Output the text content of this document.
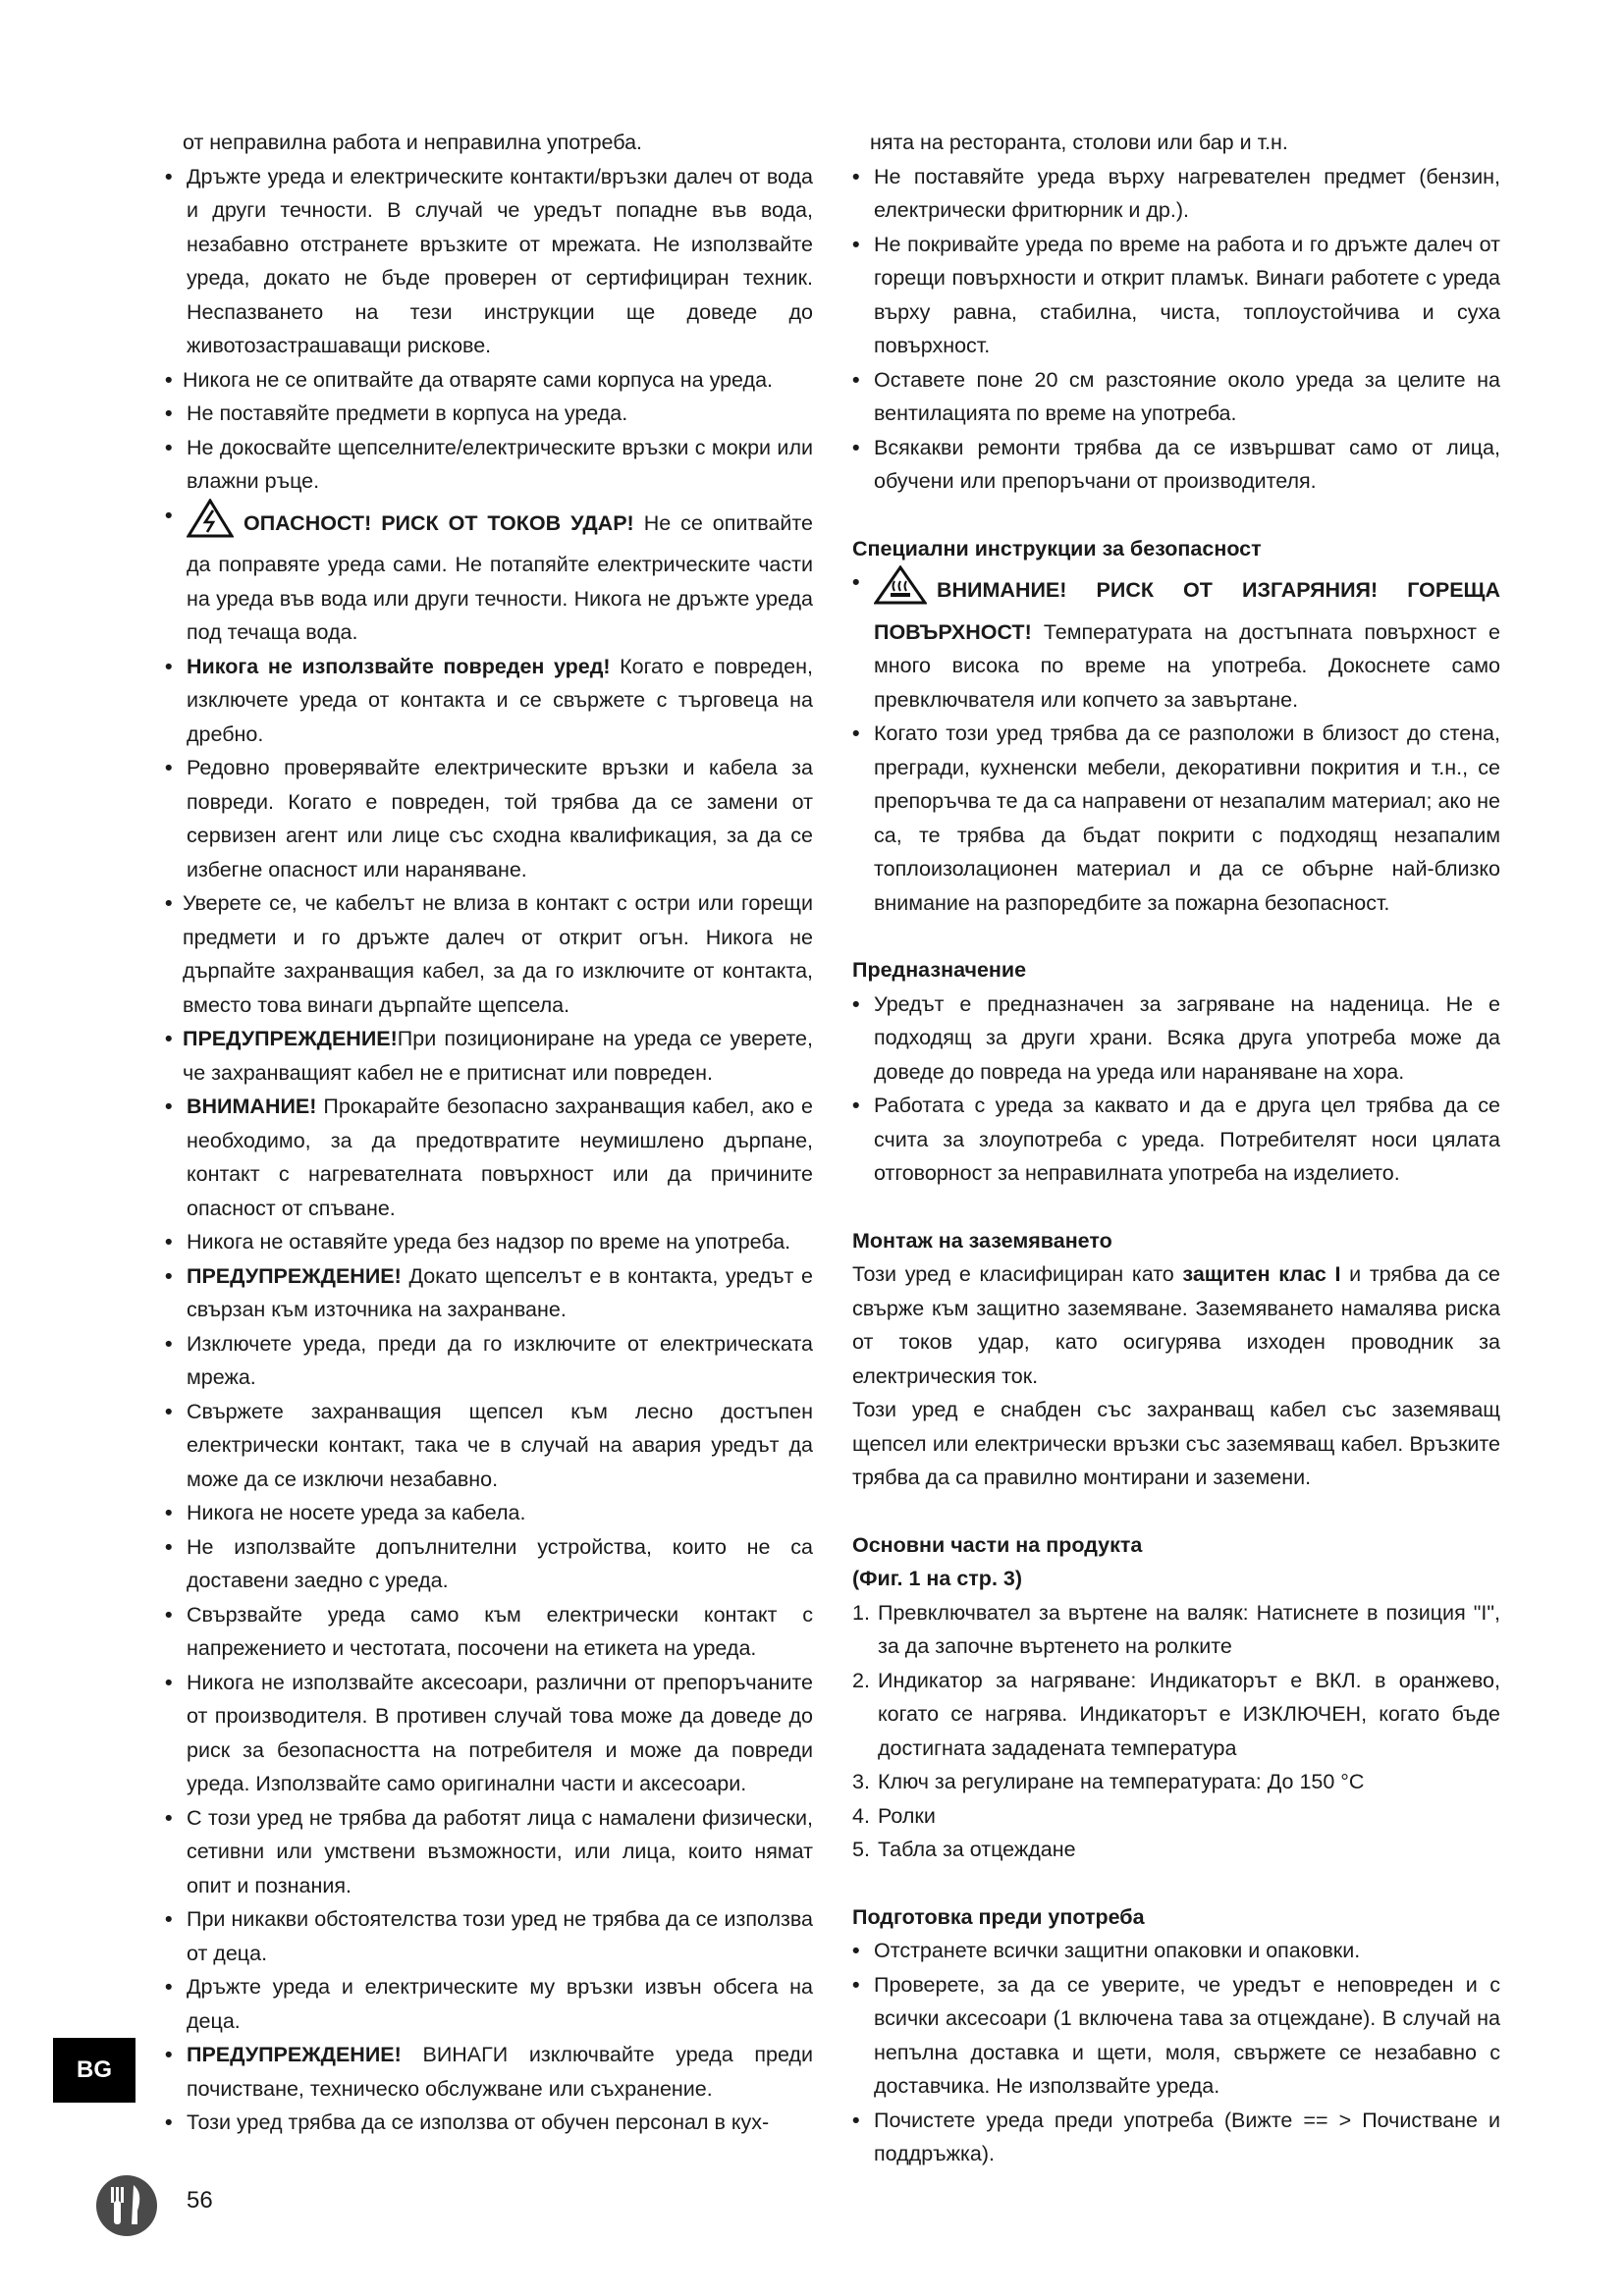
от неправилна работа и неправилна употреба.

• Дръжте уреда и електрическите контакти/връзки далеч от вода и други течности. В случай че уредът попадне във вода, незабавно отстранете връзките от мрежата. Не използвайте уреда, докато не бъде проверен от сертифициран техник. Неспазването на тези инструкции ще доведе до животозастрашаващи рискове.

• Никога не се опитвайте да отваряте сами корпуса на уреда.

• Не поставяйте предмети в корпуса на уреда.

• Не докосвайте щепселните/електрическите връзки с мокри или влажни ръце.

• ОПАСНОСТ! РИСК ОТ ТОКОВ УДАР! Не се опитвайте да поправяте уреда сами. Не потапяйте електрическите части на уреда във вода или други течности. Никога не дръжте уреда под течаща вода.

• Никога не използвайте повреден уред! Когато е повреден, изключете уреда от контакта и се свържете с търговеца на дребно.

• Редовно проверявайте електрическите връзки и кабела за повреди. Когато е повреден, той трябва да се замени от сервизен агент или лице със сходна квалификация, за да се избегне опасност или нараняване.

• Уверете се, че кабелът не влиза в контакт с остри или горещи предмети и го дръжте далеч от открит огън. Никога не дърпайте захранващия кабел, за да го изключите от контакта, вместо това винаги дърпайте щепсела.

• ПРЕДУПРЕЖДЕНИЕ!При позициониране на уреда се уверете, че захранващият кабел не е притиснат или повреден.

• ВНИМАНИЕ! Прокарайте безопасно захранващия кабел, ако е необходимо, за да предотвратите неумишлено дърпане, контакт с нагревателната повърхност или да причините опасност от спъване.

• Никога не оставяйте уреда без надзор по време на употреба.

• ПРЕДУПРЕЖДЕНИЕ! Докато щепселът е в контакта, уредът е свързан към източника на захранване.

• Изключете уреда, преди да го изключите от електрическата мрежа.

• Свържете захранващия щепсел към лесно достъпен електрически контакт, така че в случай на авария уредът да може да се изключи незабавно.

• Никога не носете уреда за кабела.

• Не използвайте допълнителни устройства, които не са доставени заедно с уреда.

• Свързвайте уреда само към електрически контакт с напрежението и честотата, посочени на етикета на уреда.

• Никога не използвайте аксесоари, различни от препоръчаните от производителя. В противен случай това може да доведе до риск за безопасността на потребителя и може да повреди уреда. Използвайте само оригинални части и аксесоари.

• С този уред не трябва да работят лица с намалени физически, сетивни или умствени възможности, или лица, които нямат опит и познания.

• При никакви обстоятелства този уред не трябва да се използва от деца.

• Дръжте уреда и електрическите му връзки извън обсега на деца.

• ПРЕДУПРЕЖДЕНИЕ! ВИНАГИ изключвайте уреда преди почистване, техническо обслужване или съхранение.

• Този уред трябва да се използва от обучен персонал в кух-

нята на ресторанта, столови или бар и т.н.

• Не поставяйте уреда върху нагревателен предмет (бензин, електрически фритюрник и др.).

• Не покривайте уреда по време на работа и го дръжте далеч от горещи повърхности и открит пламък. Винаги работете с уреда върху равна, стабилна, чиста, топлоустойчива и суха повърхност.

• Оставете поне 20 см разстояние около уреда за целите на вентилацията по време на употреба.

• Всякакви ремонти трябва да се извършват само от лица, обучени или препоръчани от производителя.

Специални инструкции за безопасност

• ВНИМАНИЕ! РИСК ОТ ИЗГАРЯНИЯ! ГОРЕЩА ПОВЪРХНОСТ! Температурата на достъпната повърхност е много висока по време на употреба. Докоснете само превключвателя или копчето за завъртане.

• Когато този уред трябва да се разположи в близост до стена, прегради, кухненски мебели, декоративни покрития и т.н., се препоръчва те да са направени от незапалим материал; ако не са, те трябва да бъдат покрити с подходящ незапалим топлоизолационен материал и да се обърне най-близко внимание на разпоредбите за пожарна безопасност.

Предназначение

• Уредът е предназначен за загряване на наденица. Не е подходящ за други храни. Всяка друга употреба може да доведе до повреда на уреда или нараняване на хора.

• Работата с уреда за каквато и да е друга цел трябва да се счита за злоупотреба с уреда. Потребителят носи цялата отговорност за неправилната употреба на изделието.

Монтаж на заземяването

Този уред е класифициран като защитен клас I и трябва да се свърже към защитно заземяване. Заземяването намалява риска от токов удар, като осигурява изходен проводник за електрическия ток.

Този уред е снабден със захранващ кабел със заземяващ щепсел или електрически връзки със заземяващ кабел. Връзките трябва да са правилно монтирани и заземени.

Основни части на продукта

(Фиг. 1 на стр. 3)

1. Превключвател за въртене на валяк: Натиснете в позиция "I", за да започне въртенето на ролките

2. Индикатор за нагряване: Индикаторът е ВКЛ. в оранжево, когато се нагрява. Индикаторът е ИЗКЛЮЧЕН, когато бъде достигната зададената температура

3. Ключ за регулиране на температурата: До 150 °C

4. Ролки

5. Табла за отцеждане

Подготовка преди употреба

• Отстранете всички защитни опаковки и опаковки.

• Проверете, за да се уверите, че уредът е неповреден и с всички аксесоари (1 включена тава за отцеждане). В случай на непълна доставка и щети, моля, свържете се незабавно с доставчика. Не използвайте уреда.

• Почистете уреда преди употреба (Вижте == > Почистване и поддръжка).

BG
56
